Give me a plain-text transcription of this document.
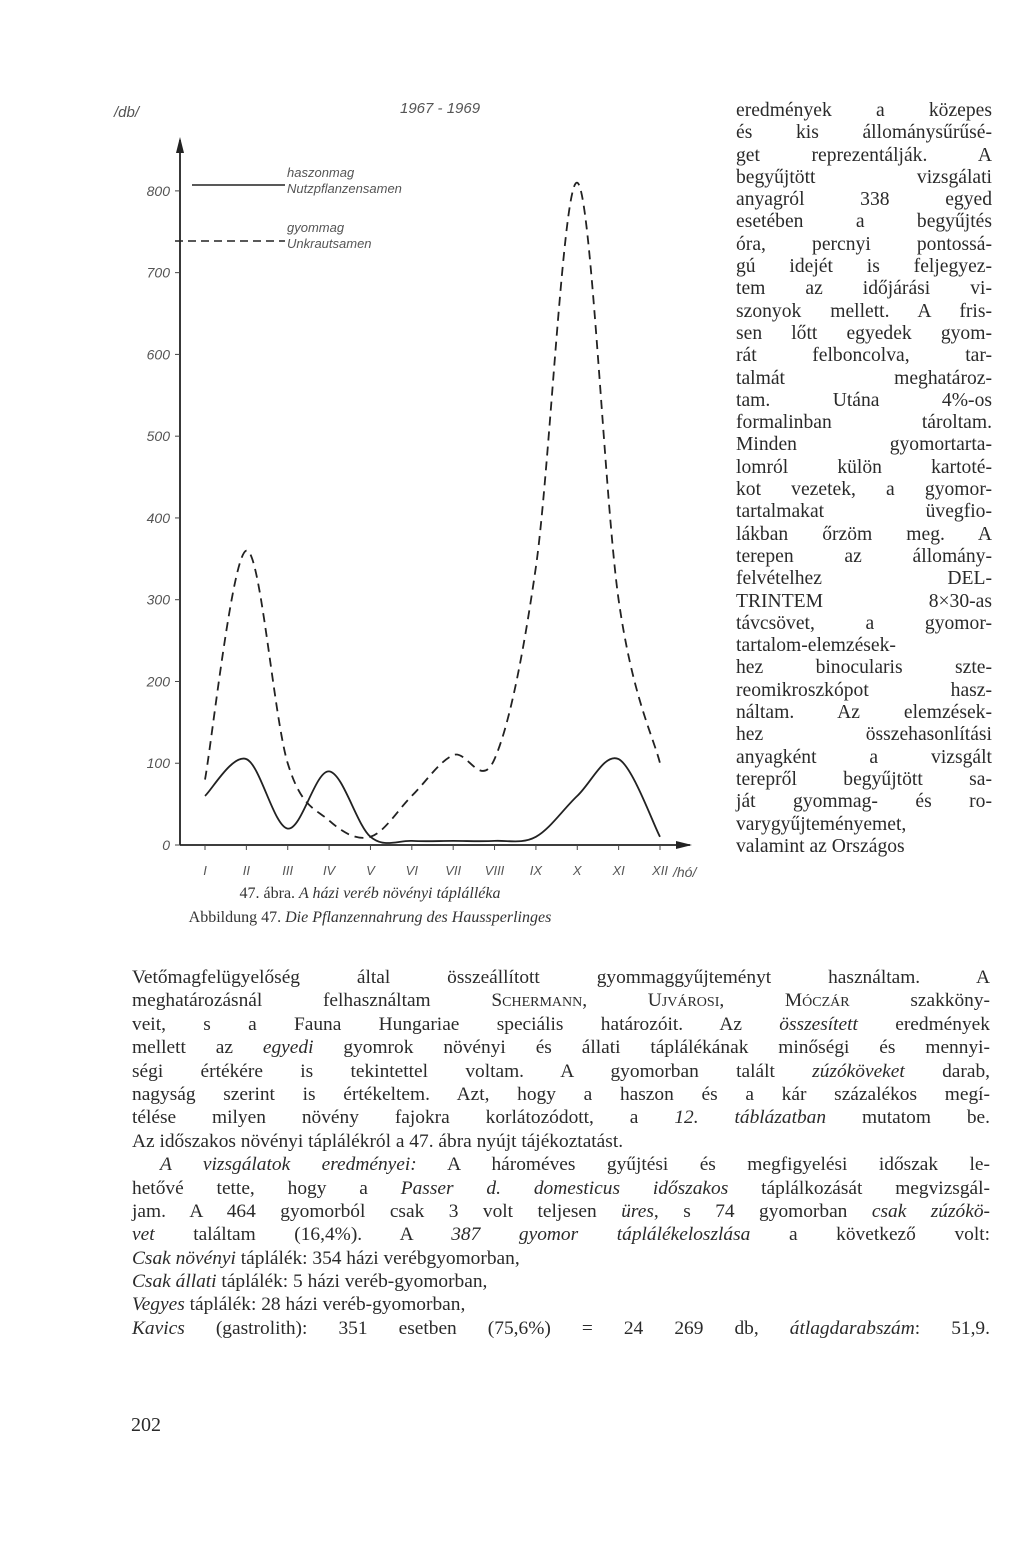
0
100
200
300
400
500
600
700
800
I	II III IV V VI VII VIII IX X XI XII
/db/	1967 - 1969
haszonmag
Nutzpflanzensamen
gyommag
Unkrautsamen
/hó/
47. ábra. A házi veréb növényi táplálléka
Abbildung 47. Die Pflanzennahrung des Haussperlinges
eredmények a közepes
és kis állománysűrűsé-
get reprezentálják. A
begyűjtött vizsgálati
anyagról 338 egyed
esetében a begyűjtés
óra, percnyi pontossá-
gú idejét is feljegyez-
tem az időjárási vi-
szonyok mellett. A fris-
sen lőtt egyedek gyom-
rát felboncolva, tar-
talmát meghatároz-
tam. Utána 4%-os
formalinban tároltam.
Minden gyomortarta-
lomról külön kartoté-
kot vezetek, a gyomor-
tartalmakat üvegfio-
lákban őrzöm meg. A
terepen az állomány-
felvételhez DEL-
TRINTEM 8×30-as
távcsövet, a gyomor-
tartalom-elemzések-
hez binocularis szte-
reomikroszkópot hasz-
náltam. Az elemzések-
hez összehasonlítási
anyagként a vizsgált
terepről begyűjtött sa-
ját gyommag- és ro-
varygyűjteményemet,
valamint az Országos
Vetőmagfelügyelőség által összeállított gyommaggyűjteményt használtam. A
meghatározásnál felhasználtam Schermann, Ujvárosi, Móczár szakköny-
veit, s a Fauna Hungariae speciális határozóit. Az összesített eredmények
mellett az egyedi gyomrok növényi és állati táplálékának minőségi és mennyi-
ségi értékére is tekintettel voltam. A gyomorban talált zúzóköveket darab,
nagyság szerint is értékeltem. Azt, hogy a haszon és a kár százalékos megí-
télése milyen növény fajokra korlátozódott, a 12. táblázatban mutatom be.
Az időszakos növényi táplálékról a 47. ábra nyújt tájékoztatást.
A vizsgálatok eredményei: A hároméves gyűjtési és megfigyelési időszak le-
hetővé tette, hogy a Passer d. domesticus időszakos táplálkozását megvizsgál-
jam. A 464 gyomorból csak 3 volt teljesen üres, s 74 gyomorban csak zúzókö-
vet találtam (16,4%). A 387 gyomor táplálékeloszlása a következő volt:
Csak növényi táplálék: 354 házi verébgyomorban,
Csak állati táplálék: 5 házi veréb-gyomorban,
Vegyes táplálék: 28 házi veréb-gyomorban,
Kavics (gastrolith): 351 esetben (75,6%) = 24 269 db, átlagdarabszám: 51,9.
202
